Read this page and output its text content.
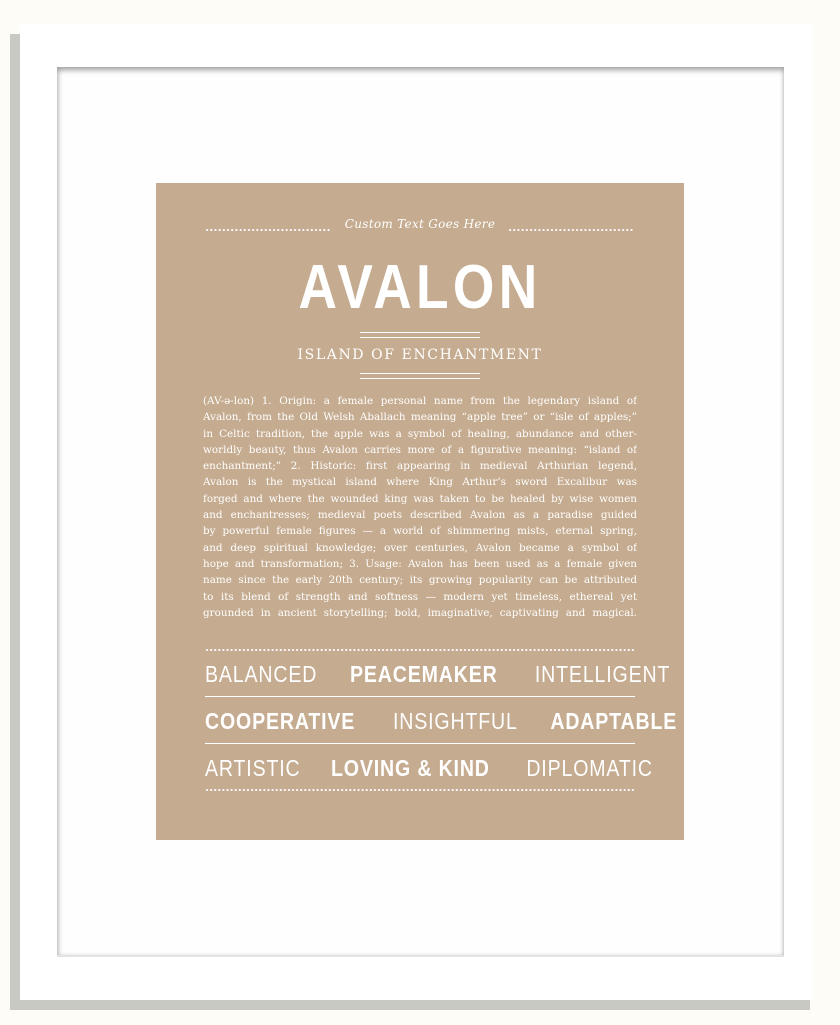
Custom Text Goes Here
AVALON
ISLAND OF ENCHANTMENT
(AV-ə-lon) 1. Origin: a female personal name from the legendary island of
Avalon, from the Old Welsh Aballach meaning “apple tree” or “isle of apples;”
in Celtic tradition, the apple was a symbol of healing, abundance and other-
worldly beauty, thus Avalon carries more of a figurative meaning: “island of
enchantment;” 2. Historic: first appearing in medieval Arthurian legend,
Avalon is the mystical island where King Arthur’s sword Excalibur was
forged and where the wounded king was taken to be healed by wise women
and enchantresses; medieval poets described Avalon as a paradise guided
by powerful female figures — a world of shimmering mists, eternal spring,
and deep spiritual knowledge; over centuries, Avalon became a symbol of
hope and transformation; 3. Usage: Avalon has been used as a female given
name since the early 20th century; its growing popularity can be attributed
to its blend of strength and softness — modern yet timeless, ethereal yet
grounded in ancient storytelling; bold, imaginative, captivating and magical.
BALANCED PEACEMAKER INTELLIGENT
COOPERATIVE INSIGHTFUL ADAPTABLE
ARTISTIC LOVING & KIND DIPLOMATIC
